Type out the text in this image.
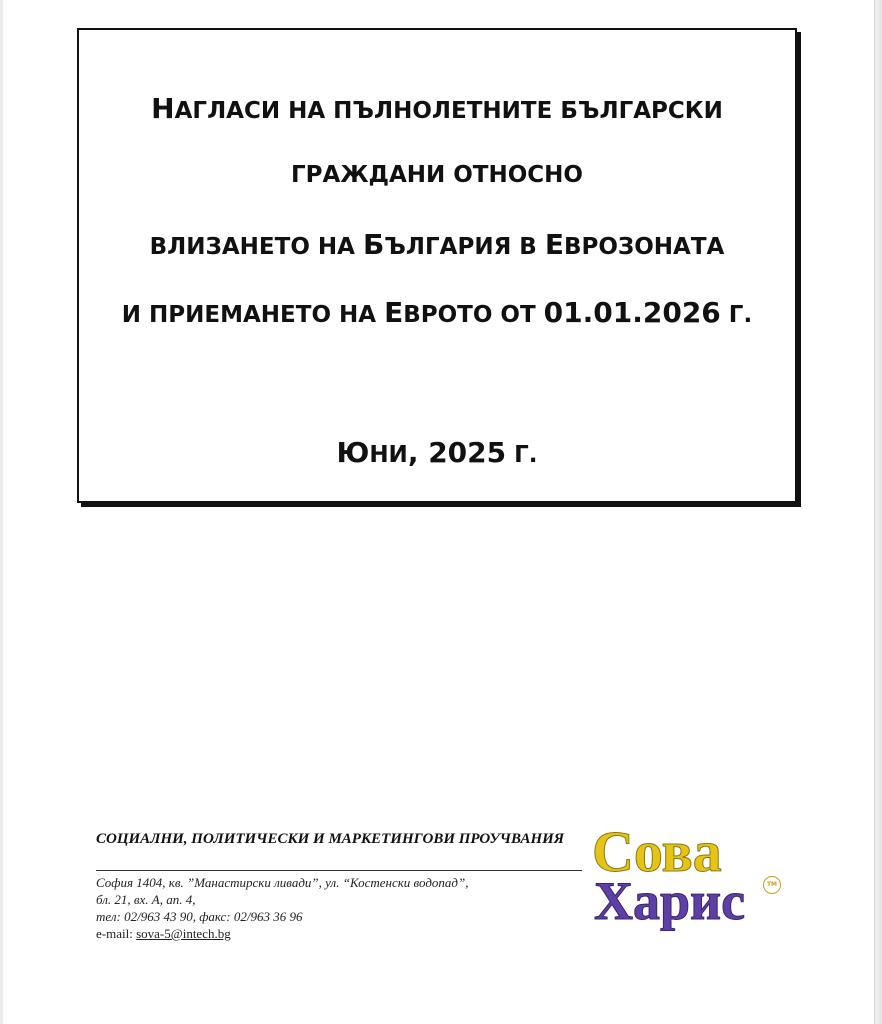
НАГЛАСИ НА ПЪЛНОЛЕТНИТЕ БЪЛГАРСКИ
ГРАЖДАНИ ОТНОСНО
ВЛИЗАНЕТО НА БЪЛГАРИЯ В ЕВРОЗОНАТА
И ПРИЕМАНЕТО НА ЕВРОТО ОТ 01.01.2026 Г.
ЮНИ, 2025 Г.
СОЦИАЛНИ, ПОЛИТИЧЕСКИ И МАРКЕТИНГОВИ ПРОУЧВАНИЯ
София 1404, кв. ”Манастирски ливади”, ул. “Костенски водопад”,
бл. 21, вх. А, ап. 4,
тел: 02/963 43 90, факс: 02/963 36 96
e-mail: sova-5@intech.bg
Сова
Харис	TM
